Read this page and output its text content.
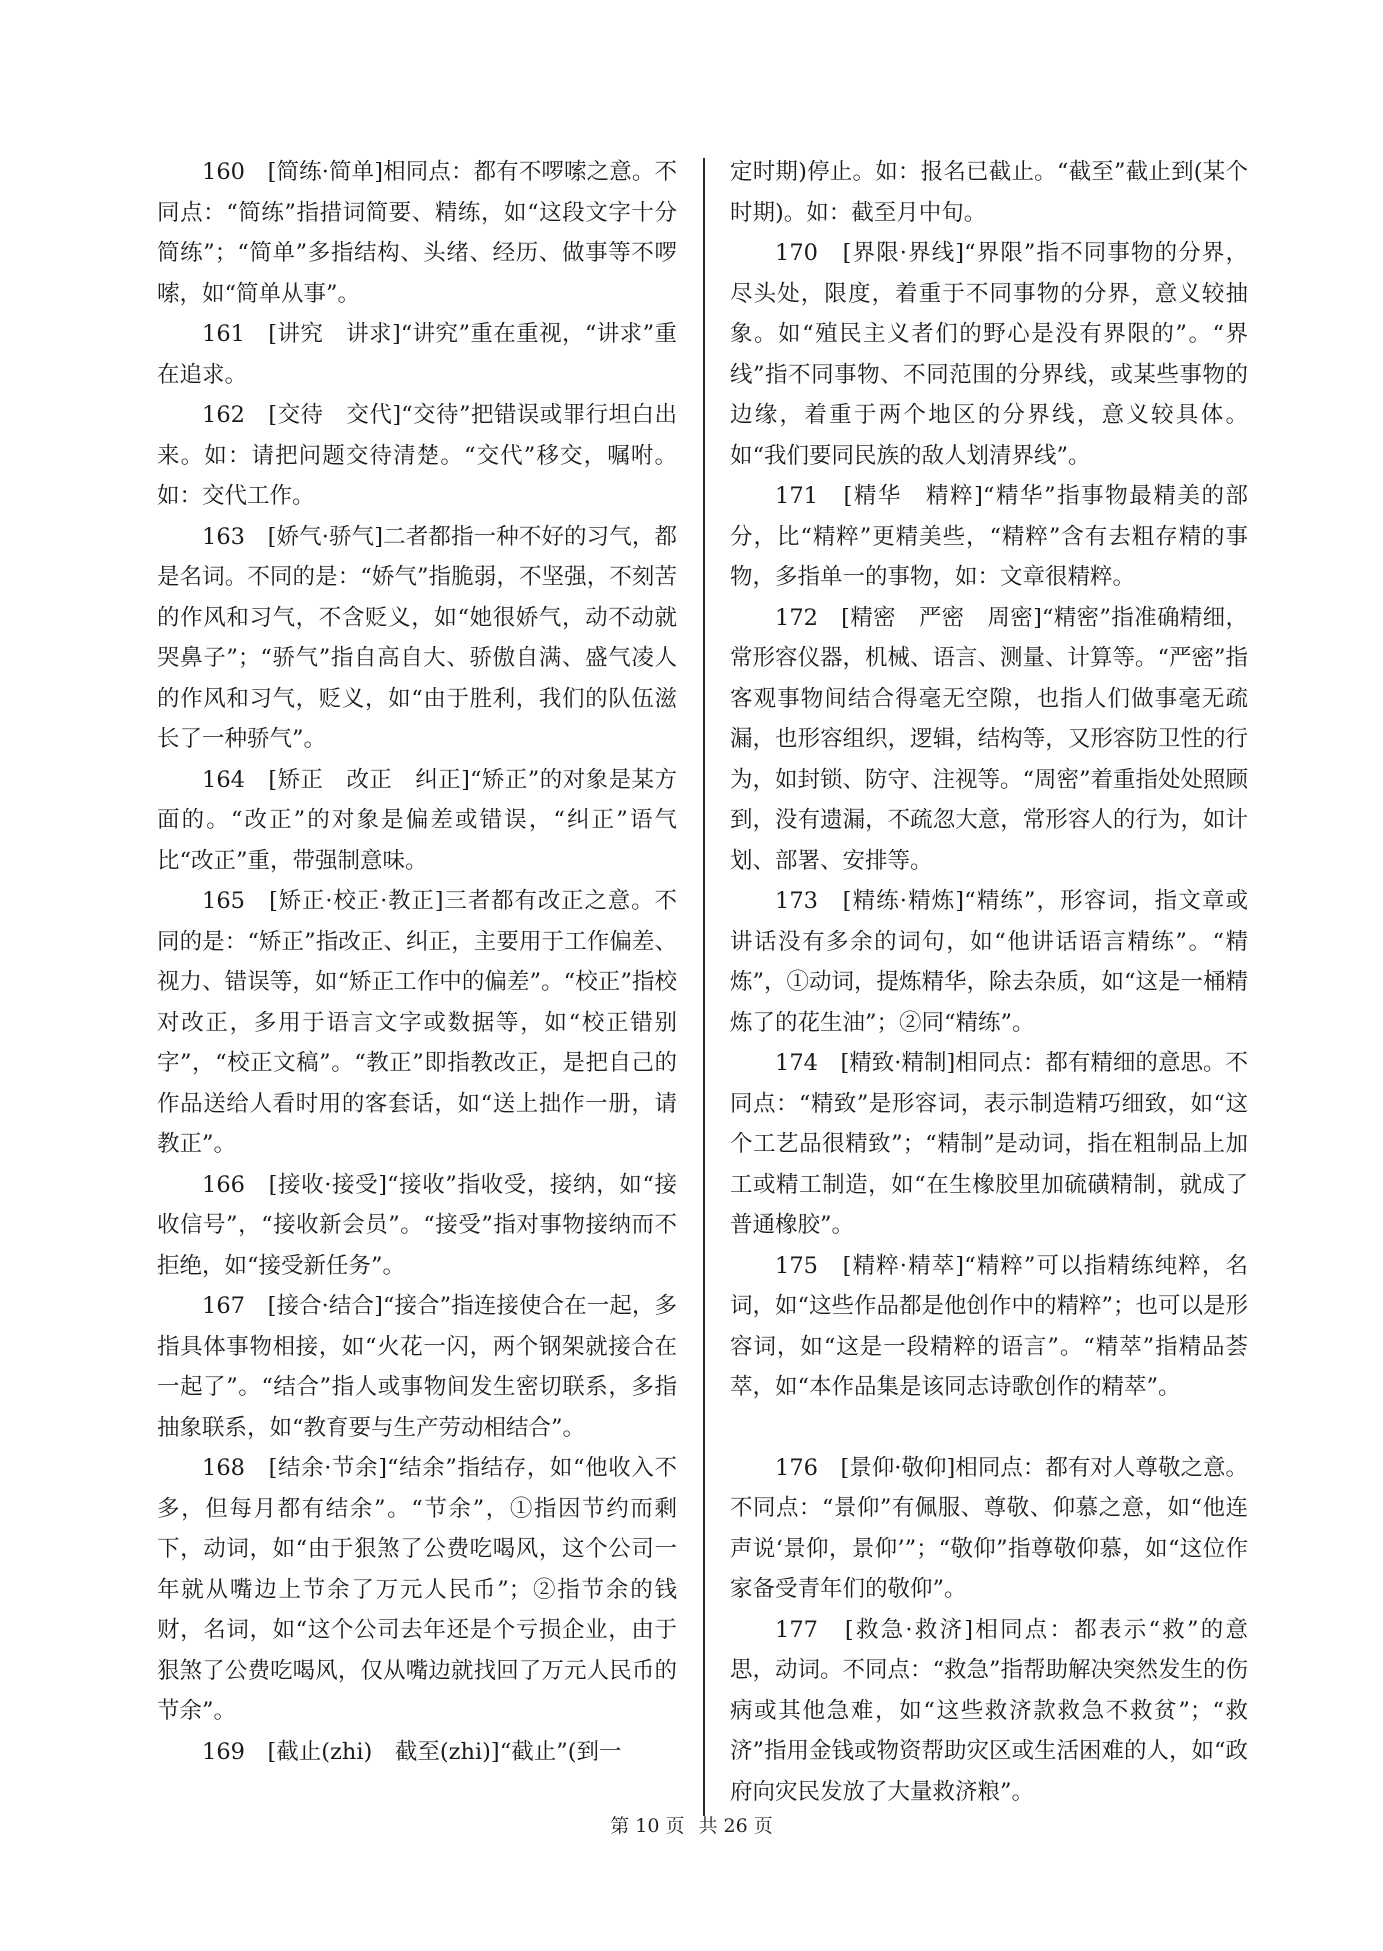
160　[简练·简单]相同点：都有不啰嗦之意。不同点：“简练”指措词简要、精练，如“这段文字十分简练”；“简单”多指结构、头绪、经历、做事等不啰嗦，如“简单从事”。

161　[讲究　讲求]“讲究”重在重视，“讲求”重在追求。

162　[交待　交代]“交待”把错误或罪行坦白出来。如：请把问题交待清楚。“交代”移交，嘱咐。如：交代工作。

163　[娇气·骄气]二者都指一种不好的习气，都是名词。不同的是：“娇气”指脆弱，不坚强，不刻苦的作风和习气，不含贬义，如“她很娇气，动不动就哭鼻子”；“骄气”指自高自大、骄傲自满、盛气凌人的作风和习气，贬义，如“由于胜利，我们的队伍滋长了一种骄气”。

164　[矫正　改正　纠正]“矫正”的对象是某方面的。“改正”的对象是偏差或错误，“纠正”语气比“改正”重，带强制意味。

165　[矫正·校正·教正]三者都有改正之意。不同的是：“矫正”指改正、纠正，主要用于工作偏差、视力、错误等，如“矫正工作中的偏差”。“校正”指校对改正，多用于语言文字或数据等，如“校正错别字”，“校正文稿”。“教正”即指教改正，是把自己的作品送给人看时用的客套话，如“送上拙作一册，请教正”。

166　[接收·接受]“接收”指收受，接纳，如“接收信号”，“接收新会员”。“接受”指对事物接纳而不拒绝，如“接受新任务”。

167　[接合·结合]“接合”指连接使合在一起，多指具体事物相接，如“火花一闪，两个钢架就接合在一起了”。“结合”指人或事物间发生密切联系，多指抽象联系，如“教育要与生产劳动相结合”。

168　[结余·节余]“结余”指结存，如“他收入不多，但每月都有结余”。“节余”，①指因节约而剩下，动词，如“由于狠煞了公费吃喝风，这个公司一年就从嘴边上节余了万元人民币”；②指节余的钱财，名词，如“这个公司去年还是个亏损企业，由于狠煞了公费吃喝风，仅从嘴边就找回了万元人民币的节余”。

169　[截止(zhi)　截至(zhi)]“截止”(到一

定时期)停止。如：报名已截止。“截至”截止到(某个时期)。如：截至月中旬。

170　[界限·界线]“界限”指不同事物的分界，尽头处，限度，着重于不同事物的分界，意义较抽象。如“殖民主义者们的野心是没有界限的”。“界线”指不同事物、不同范围的分界线，或某些事物的边缘，着重于两个地区的分界线，意义较具体。如“我们要同民族的敌人划清界线”。

171　[精华　精粹]“精华”指事物最精美的部分，比“精粹”更精美些，“精粹”含有去粗存精的事物，多指单一的事物，如：文章很精粹。

172　[精密　严密　周密]“精密”指准确精细，常形容仪器，机械、语言、测量、计算等。“严密”指客观事物间结合得毫无空隙，也指人们做事毫无疏漏，也形容组织，逻辑，结构等，又形容防卫性的行为，如封锁、防守、注视等。“周密”着重指处处照顾到，没有遗漏，不疏忽大意，常形容人的行为，如计划、部署、安排等。

173　[精练·精炼]“精练”，形容词，指文章或讲话没有多余的词句，如“他讲话语言精练”。“精炼”，①动词，提炼精华，除去杂质，如“这是一桶精炼了的花生油”；②同“精练”。

174　[精致·精制]相同点：都有精细的意思。不同点：“精致”是形容词，表示制造精巧细致，如“这个工艺品很精致”；“精制”是动词，指在粗制品上加工或精工制造，如“在生橡胶里加硫磺精制，就成了普通橡胶”。

175　[精粹·精萃]“精粹”可以指精练纯粹，名词，如“这些作品都是他创作中的精粹”；也可以是形容词，如“这是一段精粹的语言”。“精萃”指精品荟萃，如“本作品集是该同志诗歌创作的精萃”。

176　[景仰·敬仰]相同点：都有对人尊敬之意。不同点：“景仰”有佩服、尊敬、仰慕之意，如“他连声说‘景仰，景仰’”；“敬仰”指尊敬仰慕，如“这位作家备受青年们的敬仰”。

177　[救急·救济]相同点：都表示“救”的意思，动词。不同点：“救急”指帮助解决突然发生的伤病或其他急难，如“这些救济款救急不救贫”；“救济”指用金钱或物资帮助灾区或生活困难的人，如“政府向灾民发放了大量救济粮”。

第 10 页 共 26 页
